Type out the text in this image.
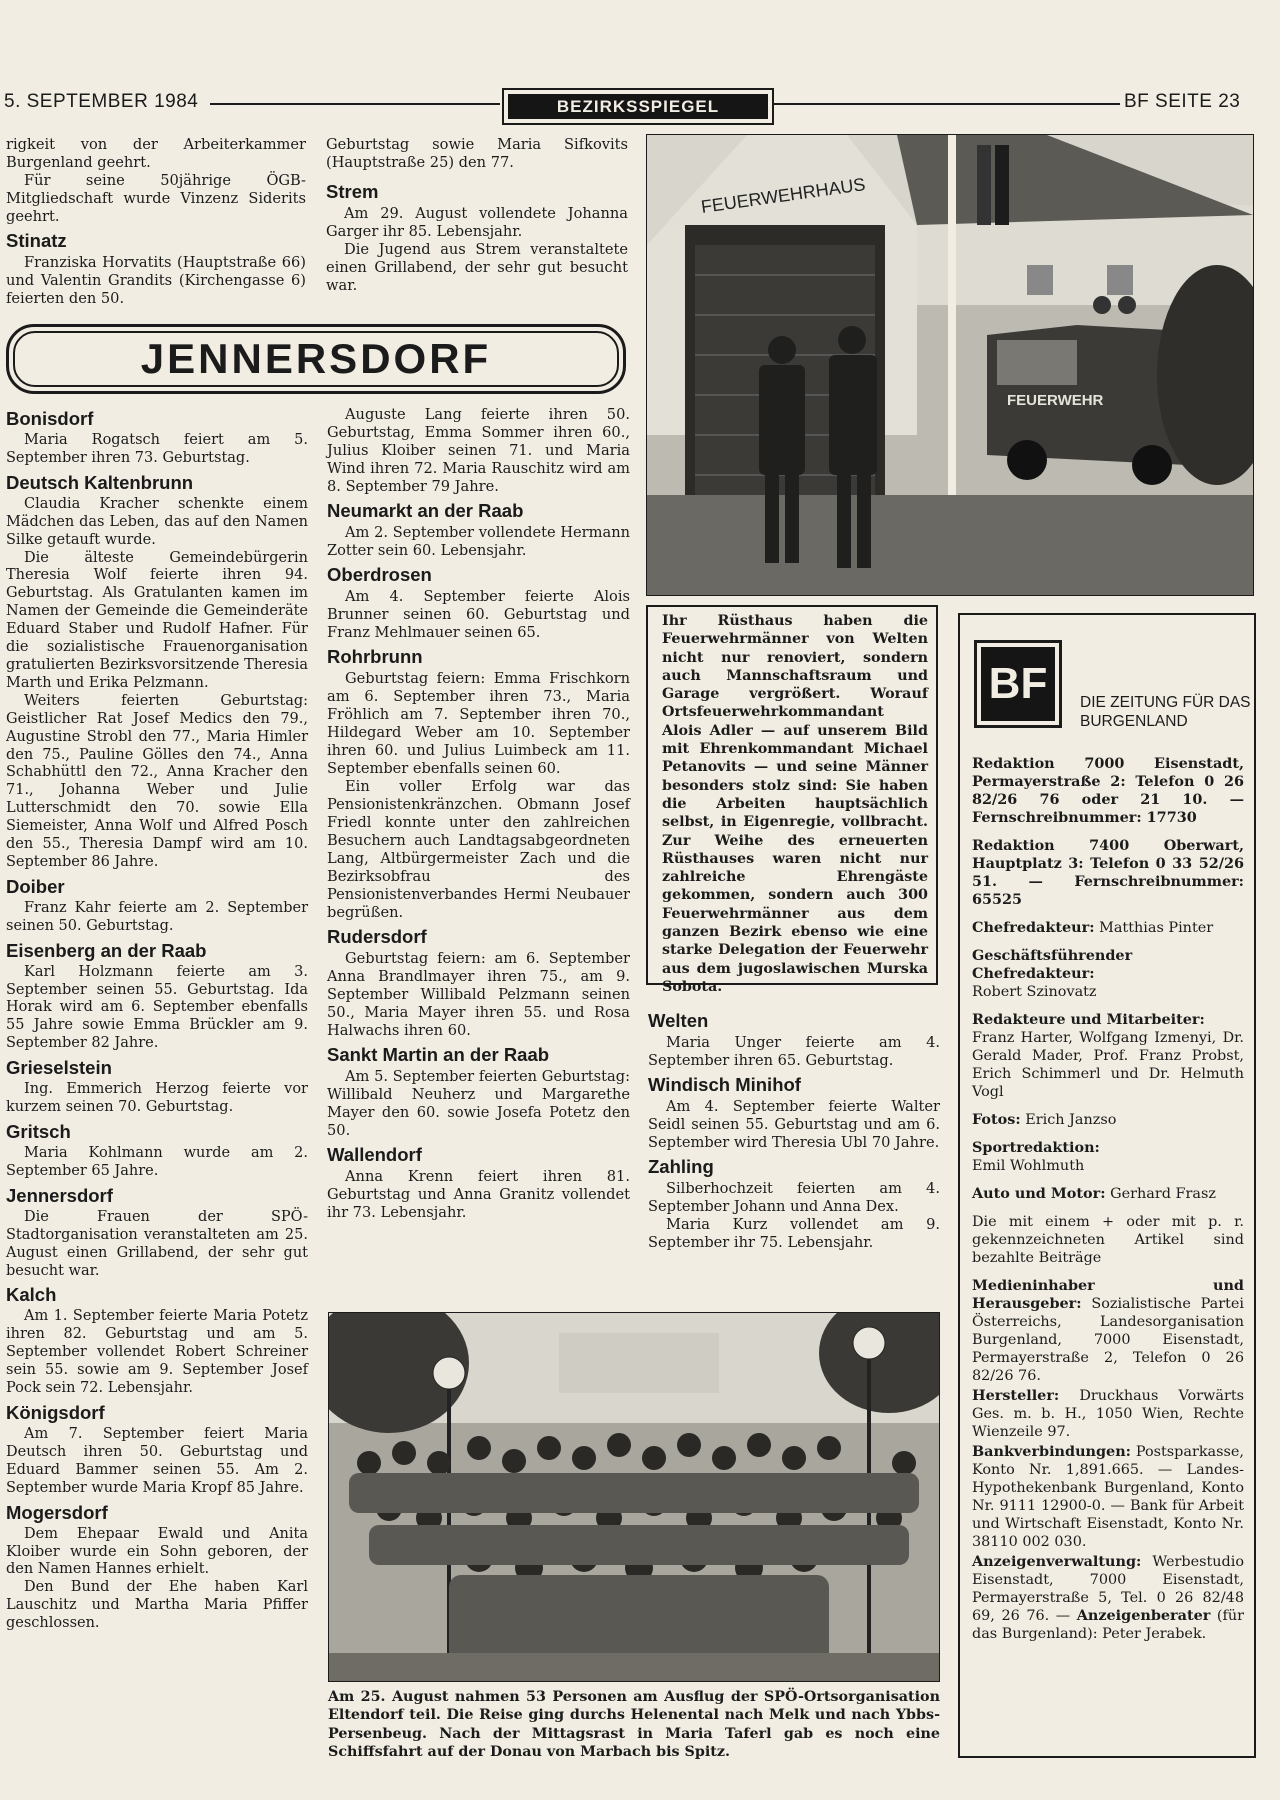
5. SEPTEMBER 1984	BEZIRKSSPIEGEL	BF SEITE 23

rigkeit von der Arbeiterkammer Burgenland geehrt.

Für seine 50jährige ÖGB-Mitgliedschaft wurde Vinzenz Siderits geehrt.

Stinatz

Franziska Horvatits (Hauptstraße 66) und Valentin Grandits (Kirchengasse 6) feierten den 50.

Geburtstag sowie Maria Sifkovits (Hauptstraße 25) den 77.

Strem

Am 29. August vollendete Johanna Garger ihr 85. Lebensjahr.

Die Jugend aus Strem veranstaltete einen Grillabend, der sehr gut besucht war.

JENNERSDORF
Bonisdorf

Maria Rogatsch feiert am 5. September ihren 73. Geburtstag.

Deutsch Kaltenbrunn

Claudia Kracher schenkte einem Mädchen das Leben, das auf den Namen Silke getauft wurde.

Die älteste Gemeindebürgerin Theresia Wolf feierte ihren 94. Geburtstag. Als Gratulanten kamen im Namen der Gemeinde die Gemeinderäte Eduard Staber und Rudolf Hafner. Für die sozialistische Frauenorganisation gratulierten Bezirksvorsitzende Theresia Marth und Erika Pelzmann.

Weiters feierten Geburtstag: Geistlicher Rat Josef Medics den 79., Augustine Strobl den 77., Maria Himler den 75., Pauline Gölles den 74., Anna Schabhüttl den 72., Anna Kracher den 71., Johanna Weber und Julie Lutterschmidt den 70. sowie Ella Siemeister, Anna Wolf und Alfred Posch den 55., Theresia Dampf wird am 10. September 86 Jahre.

Doiber

Franz Kahr feierte am 2. September seinen 50. Geburtstag.

Eisenberg an der Raab

Karl Holzmann feierte am 3. September seinen 55. Geburtstag. Ida Horak wird am 6. September ebenfalls 55 Jahre sowie Emma Brückler am 9. September 82 Jahre.

Grieselstein

Ing. Emmerich Herzog feierte vor kurzem seinen 70. Geburtstag.

Gritsch

Maria Kohlmann wurde am 2. September 65 Jahre.

Jennersdorf

Die Frauen der SPÖ-Stadtorganisation veranstalteten am 25. August einen Grillabend, der sehr gut besucht war.

Kalch

Am 1. September feierte Maria Potetz ihren 82. Geburtstag und am 5. September vollendet Robert Schreiner sein 55. sowie am 9. September Josef Pock sein 72. Lebensjahr.

Königsdorf

Am 7. September feiert Maria Deutsch ihren 50. Geburtstag und Eduard Bammer seinen 55. Am 2. September wurde Maria Kropf 85 Jahre.

Mogersdorf

Dem Ehepaar Ewald und Anita Kloiber wurde ein Sohn geboren, der den Namen Hannes erhielt.

Den Bund der Ehe haben Karl Lauschitz und Martha Maria Pfiffer geschlossen.

Auguste Lang feierte ihren 50. Geburtstag, Emma Sommer ihren 60., Julius Kloiber seinen 71. und Maria Wind ihren 72. Maria Rauschitz wird am 8. September 79 Jahre.

Neumarkt an der Raab

Am 2. September vollendete Hermann Zotter sein 60. Lebensjahr.

Oberdrosen

Am 4. September feierte Alois Brunner seinen 60. Geburtstag und Franz Mehlmauer seinen 65.

Rohrbrunn

Geburtstag feiern: Emma Frischkorn am 6. September ihren 73., Maria Fröhlich am 7. September ihren 70., Hildegard Weber am 10. September ihren 60. und Julius Luimbeck am 11. September ebenfalls seinen 60.

Ein voller Erfolg war das Pensionistenkränzchen. Obmann Josef Friedl konnte unter den zahlreichen Besuchern auch Landtagsabgeordneten Lang, Altbürgermeister Zach und die Bezirksobfrau des Pensionistenverbandes Hermi Neubauer begrüßen.

Rudersdorf

Geburtstag feiern: am 6. September Anna Brandlmayer ihren 75., am 9. September Willibald Pelzmann seinen 50., Maria Mayer ihren 55. und Rosa Halwachs ihren 60.

Sankt Martin an der Raab

Am 5. September feierten Geburtstag: Willibald Neuherz und Margarethe Mayer den 60. sowie Josefa Potetz den 50.

Wallendorf

Anna Krenn feiert ihren 81. Geburtstag und Anna Granitz vollendet ihr 73. Lebensjahr.

FEUERWEHRHAUS
FEUERWEHR
Ihr Rüsthaus haben die Feuerwehrmänner von Welten nicht nur renoviert, sondern auch Mannschaftsraum und Garage vergrößert. Worauf Ortsfeuerwehrkommandant Alois Adler — auf unserem Bild mit Ehrenkommandant Michael Petanovits — und seine Männer besonders stolz sind: Sie haben die Arbeiten hauptsächlich selbst, in Eigenregie, vollbracht. Zur Weihe des erneuerten Rüsthauses waren nicht nur zahlreiche Ehrengäste gekommen, sondern auch 300 Feuerwehrmänner aus dem ganzen Bezirk ebenso wie eine starke Delegation der Feuerwehr aus dem jugoslawischen Murska Sobota.
Welten

Maria Unger feierte am 4. September ihren 65. Geburtstag.

Windisch Minihof

Am 4. September feierte Walter Seidl seinen 55. Geburtstag und am 6. September wird Theresia Ubl 70 Jahre.

Zahling

Silberhochzeit feierten am 4. September Johann und Anna Dex.

Maria Kurz vollendet am 9. September ihr 75. Lebensjahr.

Am 25. August nahmen 53 Personen am Ausflug der SPÖ-Ortsorganisation Eltendorf teil. Die Reise ging durchs Helenental nach Melk und nach Ybbs-Persenbeug. Nach der Mittagsrast in Maria Taferl gab es noch eine Schiffsfahrt auf der Donau von Marbach bis Spitz.
BF	DIE ZEITUNG FÜR DAS BURGENLAND

Redaktion 7000 Eisenstadt, Permayerstraße 2: Telefon 0 26 82/26 76 oder 21 10. — Fernschreibnummer: 17730

Redaktion 7400 Oberwart, Hauptplatz 3: Telefon 0 33 52/26 51. — Fernschreibnummer: 65525

Chefredakteur: Matthias Pinter

Geschäftsführender Chefredakteur:
Robert Szinovatz

Redakteure und Mitarbeiter:
Franz Harter, Wolfgang Izmenyi, Dr. Gerald Mader, Prof. Franz Probst, Erich Schimmerl und Dr. Helmuth Vogl

Fotos: Erich Janzso

Sportredaktion:
Emil Wohlmuth

Auto und Motor: Gerhard Frasz

Die mit einem + oder mit p. r. gekennzeichneten Artikel sind bezahlte Beiträge

Medieninhaber und Herausgeber: Sozialistische Partei Österreichs, Landesorganisation Burgenland, 7000 Eisenstadt, Permayerstraße 2, Telefon 0 26 82/26 76.

Hersteller: Druckhaus Vorwärts Ges. m. b. H., 1050 Wien, Rechte Wienzeile 97.

Bankverbindungen: Postsparkasse, Konto Nr. 1,891.665. — Landes-Hypothekenbank Burgenland, Konto Nr. 9111 12900-0. — Bank für Arbeit und Wirtschaft Eisenstadt, Konto Nr. 38110 002 030.

Anzeigenverwaltung: Werbestudio Eisenstadt, 7000 Eisenstadt, Permayerstraße 5, Tel. 0 26 82/48 69, 26 76. — Anzeigenberater (für das Burgenland): Peter Jerabek.
